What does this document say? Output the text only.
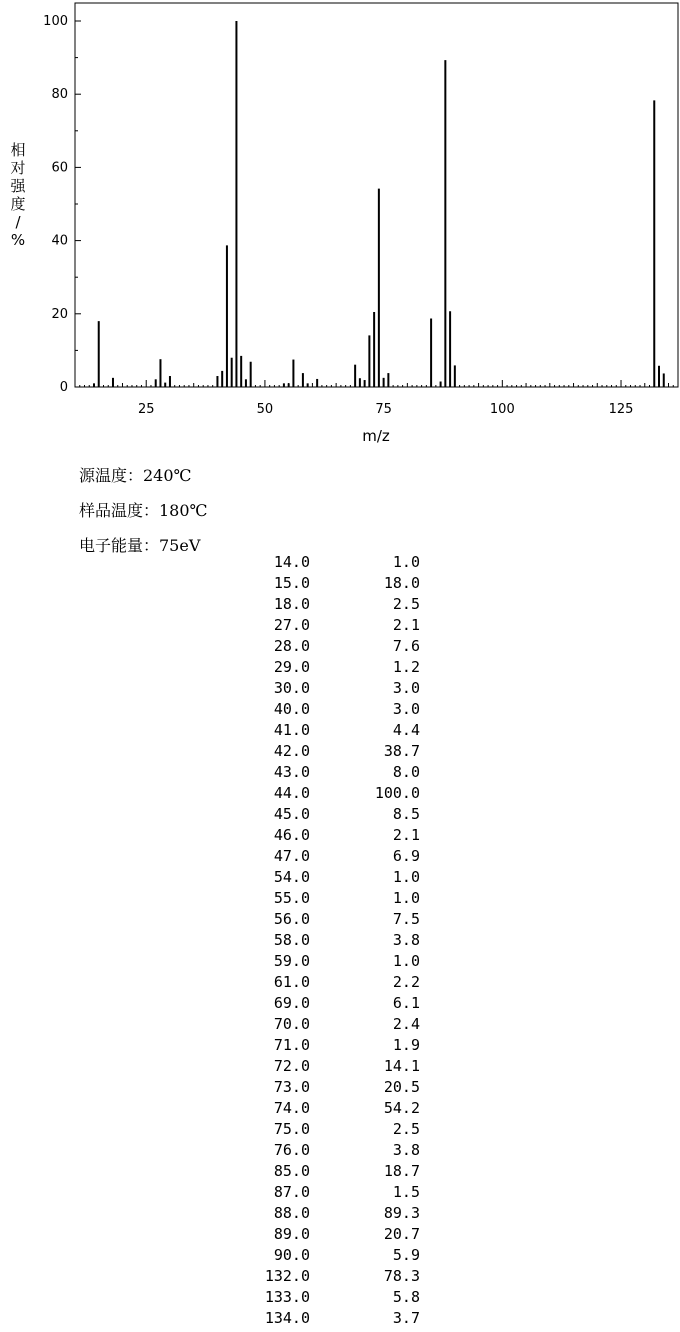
25	50	75	100	125
0
20
40
60
80
100
m/z
相对强度/ %
源温度：240℃
样品温度：180℃
电子能量：75eV
14.0	1.0
15.0	18.0
18.0	2.5
27.0	2.1
28.0	7.6
29.0	1.2
30.0	3.0
40.0	3.0
41.0	4.4
42.0	38.7
43.0	8.0
44.0	100.0
45.0	8.5
46.0	2.1
47.0	6.9
54.0	1.0
55.0	1.0
56.0	7.5
58.0	3.8
59.0	1.0
61.0	2.2
69.0	6.1
70.0	2.4
71.0	1.9
72.0	14.1
73.0	20.5
74.0	54.2
75.0	2.5
76.0	3.8
85.0	18.7
87.0	1.5
88.0	89.3
89.0	20.7
90.0	5.9
132.0	78.3
133.0	5.8
134.0	3.7
